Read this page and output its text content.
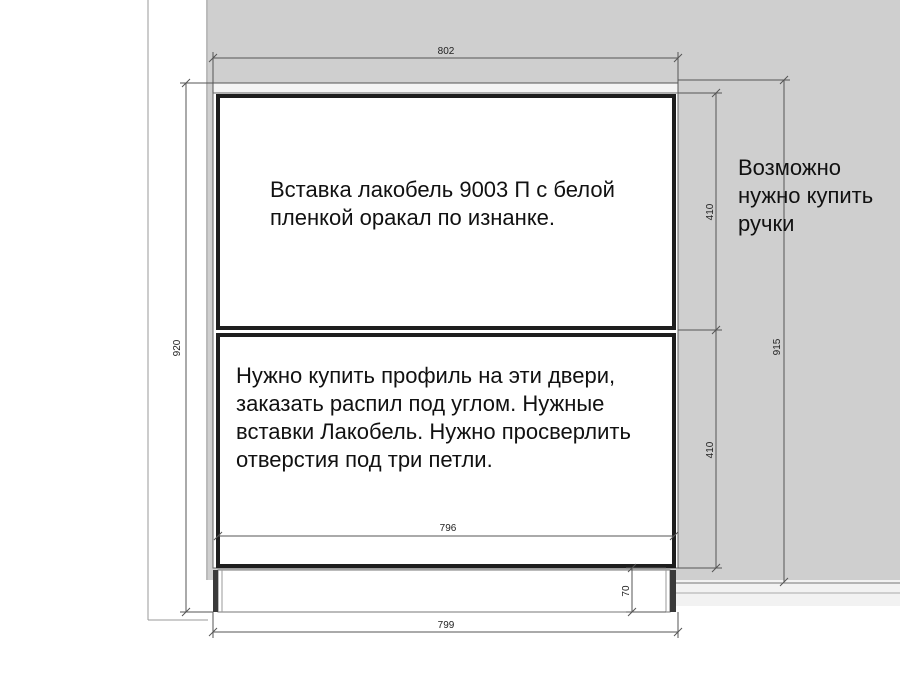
802
796
799
920
410
410
915
70
Вставка лакобель 9003 П с белой
пленкой оракал по изнанке.
Нужно купить профиль на эти двери,
заказать распил под углом. Нужные
вставки Лакобель. Нужно просверлить
отверстия под три петли.
Возможно
нужно купить
ручки
